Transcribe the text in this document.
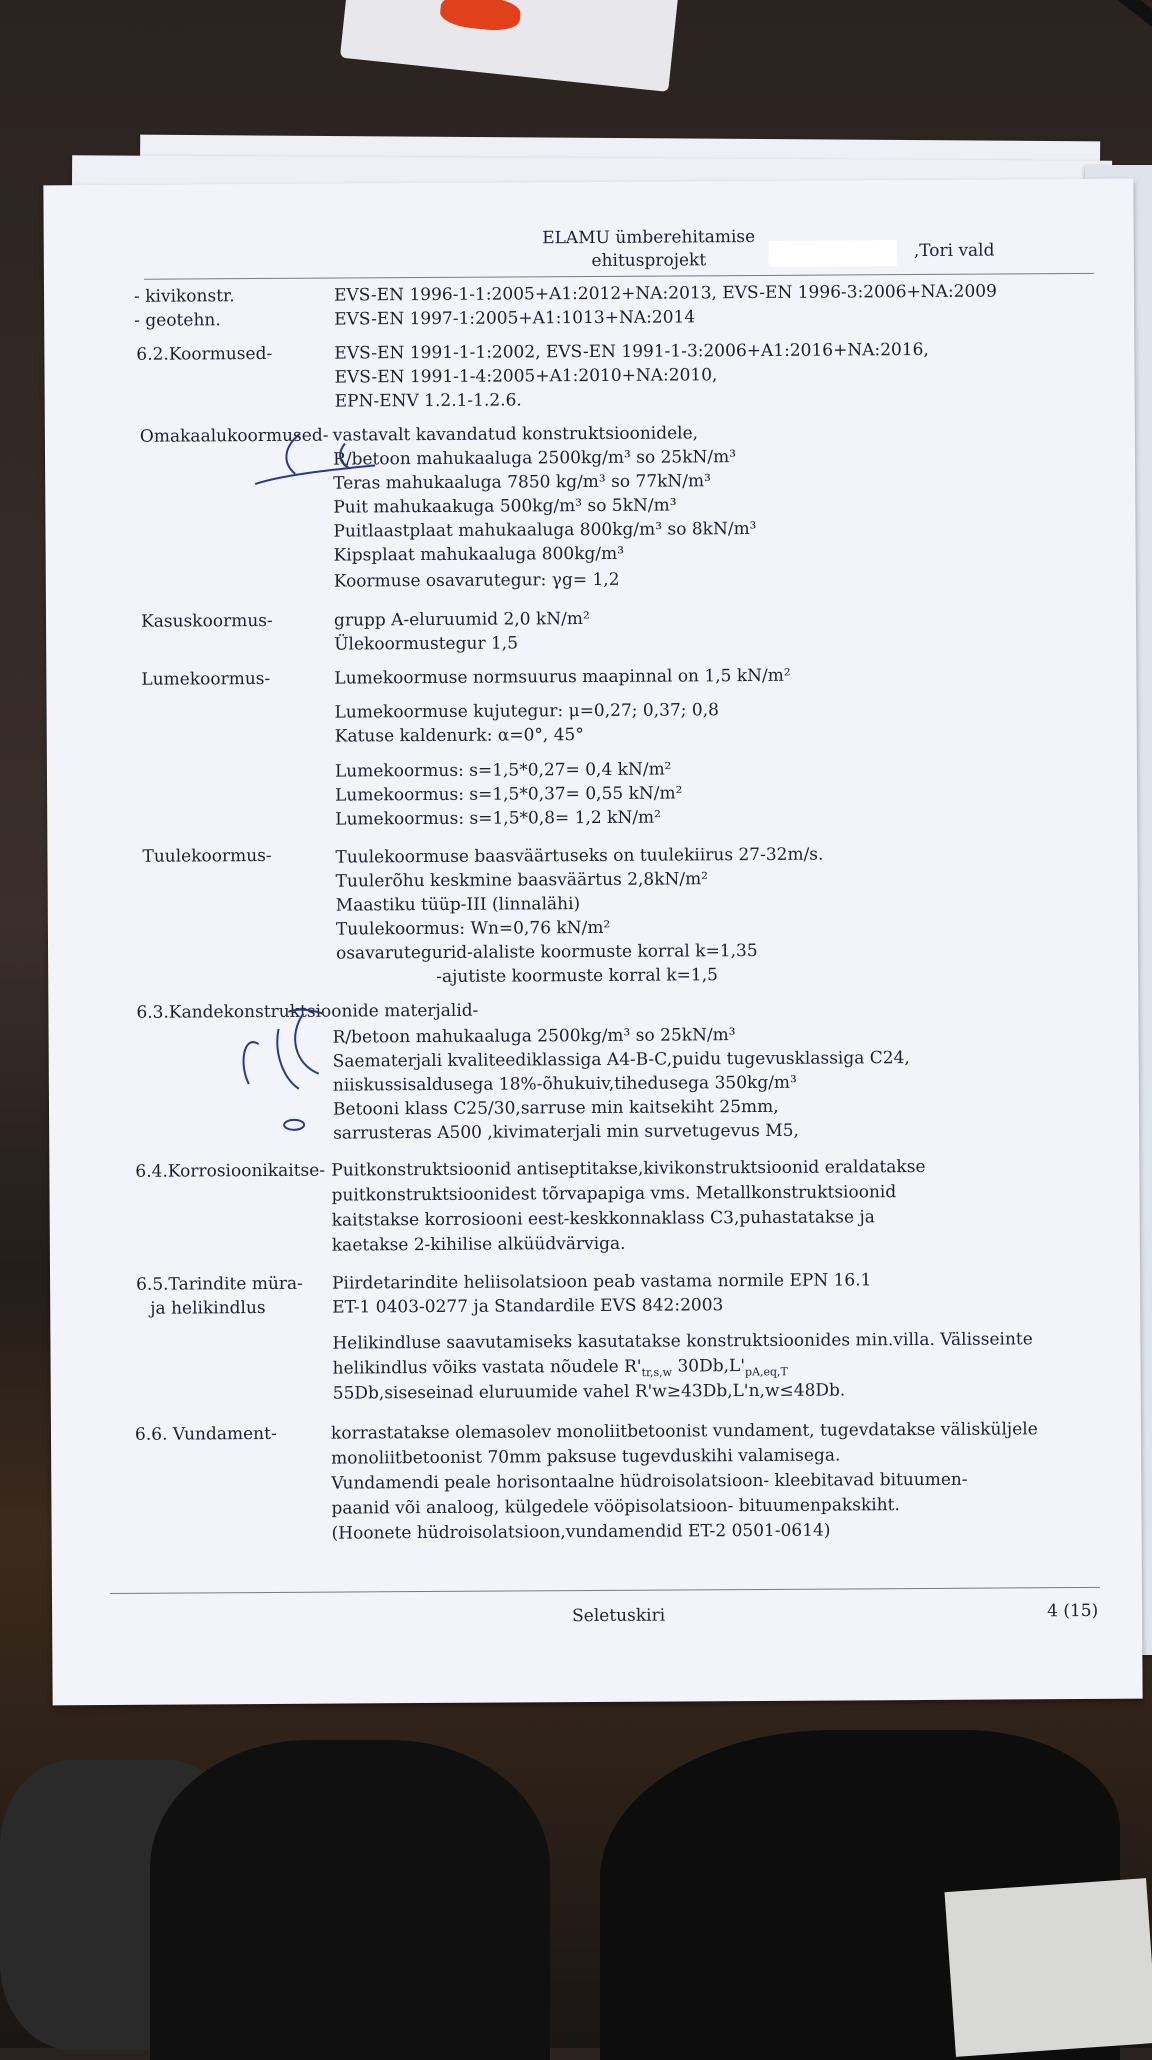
ELAMU ümberehitamise
ehitusprojekt	,Tori vald
- kivikonstr.	EVS-EN 1996-1-1:2005+A1:2012+NA:2013, EVS-EN 1996-3:2006+NA:2009
- geotehn.	EVS-EN 1997-1:2005+A1:1013+NA:2014
6.2.Koormused-	EVS-EN 1991-1-1:2002, EVS-EN 1991-1-3:2006+A1:2016+NA:2016,
EVS-EN 1991-1-4:2005+A1:2010+NA:2010,
EPN-ENV 1.2.1-1.2.6.
Omakaalukoormused- vastavalt kavandatud konstruktsioonidele,
R/betoon mahukaaluga 2500kg/m³ so 25kN/m³
Teras mahukaaluga 7850 kg/m³ so 77kN/m³
Puit mahukaakuga 500kg/m³ so 5kN/m³
Puitlaastplaat mahukaaluga 800kg/m³ so 8kN/m³
Kipsplaat mahukaaluga 800kg/m³
Koormuse osavarutegur: γg= 1,2
Kasuskoormus-	grupp A-eluruumid 2,0 kN/m²
Ülekoormustegur 1,5
Lumekoormus-	Lumekoormuse normsuurus maapinnal on 1,5 kN/m²
Lumekoormuse kujutegur: μ=0,27; 0,37; 0,8
Katuse kaldenurk: α=0°, 45°
Lumekoormus: s=1,5*0,27= 0,4 kN/m²
Lumekoormus: s=1,5*0,37= 0,55 kN/m²
Lumekoormus: s=1,5*0,8= 1,2 kN/m²
Tuulekoormus-	Tuulekoormuse baasväärtuseks on tuulekiirus 27-32m/s.
Tuulerõhu keskmine baasväärtus 2,8kN/m²
Maastiku tüüp-III (linnalähi)
Tuulekoormus: Wn=0,76 kN/m²
osavarutegurid-alaliste koormuste korral k=1,35
-ajutiste koormuste korral k=1,5
6.3.Kandekonstruktsioonide materjalid-
R/betoon mahukaaluga 2500kg/m³ so 25kN/m³
Saematerjali kvaliteediklassiga A4-B-C,puidu tugevusklassiga C24,
niiskussisaldusega 18%-õhukuiv,tihedusega 350kg/m³
Betooni klass C25/30,sarruse min kaitsekiht 25mm,
sarrusteras A500 ,kivimaterjali min survetugevus M5,
6.4.Korrosioonikaitse- Puitkonstruktsioonid antiseptitakse,kivikonstruktsioonid eraldatakse
puitkonstruktsioonidest tõrvapapiga vms. Metallkonstruktsioonid
kaitstakse korrosiooni eest-keskkonnaklass C3,puhastatakse ja
kaetakse 2-kihilise alküüdvärviga.
6.5.Tarindite müra-
ja helikindlus
Piirdetarindite heliisolatsioon peab vastama normile EPN 16.1
ET-1 0403-0277 ja Standardile EVS 842:2003
Helikindluse saavutamiseks kasutatakse konstruktsioonides min.villa. Välisseinte
helikindlus võiks vastata nõudele $R'_{tr,s,w}$ $30Db,L'_{pA,eq,T}$
55Db,siseseinad eluruumide vahel R'w≥43Db,L'n,w≤48Db.
6.6. Vundament-	korrastatakse olemasolev monoliitbetoonist vundament, tugevdatakse välisküljele
monoliitbetoonist 70mm paksuse tugevduskihi valamisega.
Vundamendi peale horisontaalne hüdroisolatsioon- kleebitavad bituumen-
paanid või analoog, külgedele vööpisolatsioon- bituumenpakskiht.
(Hoonete hüdroisolatsioon,vundamendid ET-2 0501-0614)
Seletuskiri	4 (15)
